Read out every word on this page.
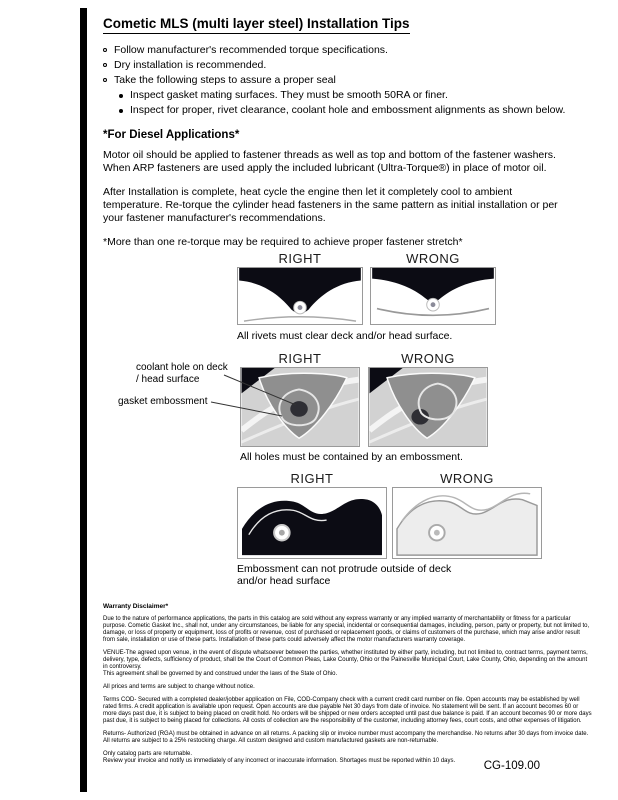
Cometic MLS (multi layer steel) Installation Tips
Follow manufacturer's recommended torque specifications.
Dry installation is recommended.
Take the following steps to assure a proper seal
Inspect gasket mating surfaces. They must be smooth 50RA or finer.
Inspect for proper, rivet clearance, coolant hole and embossment alignments as shown below.
*For Diesel Applications*

Motor oil should be applied to fastener threads as well as top and bottom of the fastener washers. When ARP fasteners are used apply the included lubricant (Ultra-Torque®) in place of motor oil.

After Installation is complete, heat cycle the engine then let it completely cool to ambient temperature. Re-torque the cylinder head fasteners in the same pattern as initial installation or per your fastener manufacturer's recommendations.

*More than one re-torque may be required to achieve proper fastener stretch*

RIGHT	WRONG
All rivets must clear deck and/or head surface.
RIGHT	WRONG
coolant hole on deck / head surface
gasket embossment
All holes must be contained by an embossment.
RIGHT	WRONG
Embossment can not protrude outside of deck and/or head surface
Warranty Disclaimer*

Due to the nature of performance applications, the parts in this catalog are sold without any express warranty or any implied warranty of merchantability or fitness for a particular purpose. Cometic Gasket Inc., shall not, under any circumstances, be liable for any special, incidental or consequential damages, including, person, party or property, but not limited to, damage, or loss of property or equipment, loss of profits or revenue, cost of purchased or replacement goods, or claims of customers of the purchase, which may arise and/or result from sale, installation or use of these parts. Installation of these parts could adversely affect the motor manufacturers warranty coverage.

VENUE-The agreed upon venue, in the event of dispute whatsoever between the parties, whether instituted by either party, including, but not limited to, contract terms, payment terms, delivery, type, defects, sufficiency of product, shall be the Court of Common Pleas, Lake County, Ohio or the Painesville Municipal Court, Lake County, Ohio, depending on the amount in controversy.

This agreement shall be governed by and construed under the laws of the State of Ohio.

All prices and terms are subject to change without notice.

Terms COD- Secured with a completed dealer/jobber application on File, COD-Company check with a current credit card number on file. Open accounts may be established by well rated firms. A credit application is available upon request. Open accounts are due payable Net 30 days from date of invoice. No statement will be sent. If an account becomes 60 or more days past due, it is subject to being placed on credit hold. No orders will be shipped or new orders accepted until past due balance is paid. If an account becomes 90 or more days past due, it is subject to being placed for collections. All costs of collection are the responsibility of the customer, including attorney fees, court costs, and other expenses of litigation.

Returns- Authorized (RGA) must be obtained in advance on all returns. A packing slip or invoice number must accompany the merchandise. No returns after 30 days from invoice date. All returns are subject to a 25% restocking charge. All custom designed and custom manufactured gaskets are non-returnable.

Only catalog parts are returnable.

Review your invoice and notify us immediately of any incorrect or inaccurate information. Shortages must be reported within 10 days.	CG-109.00
